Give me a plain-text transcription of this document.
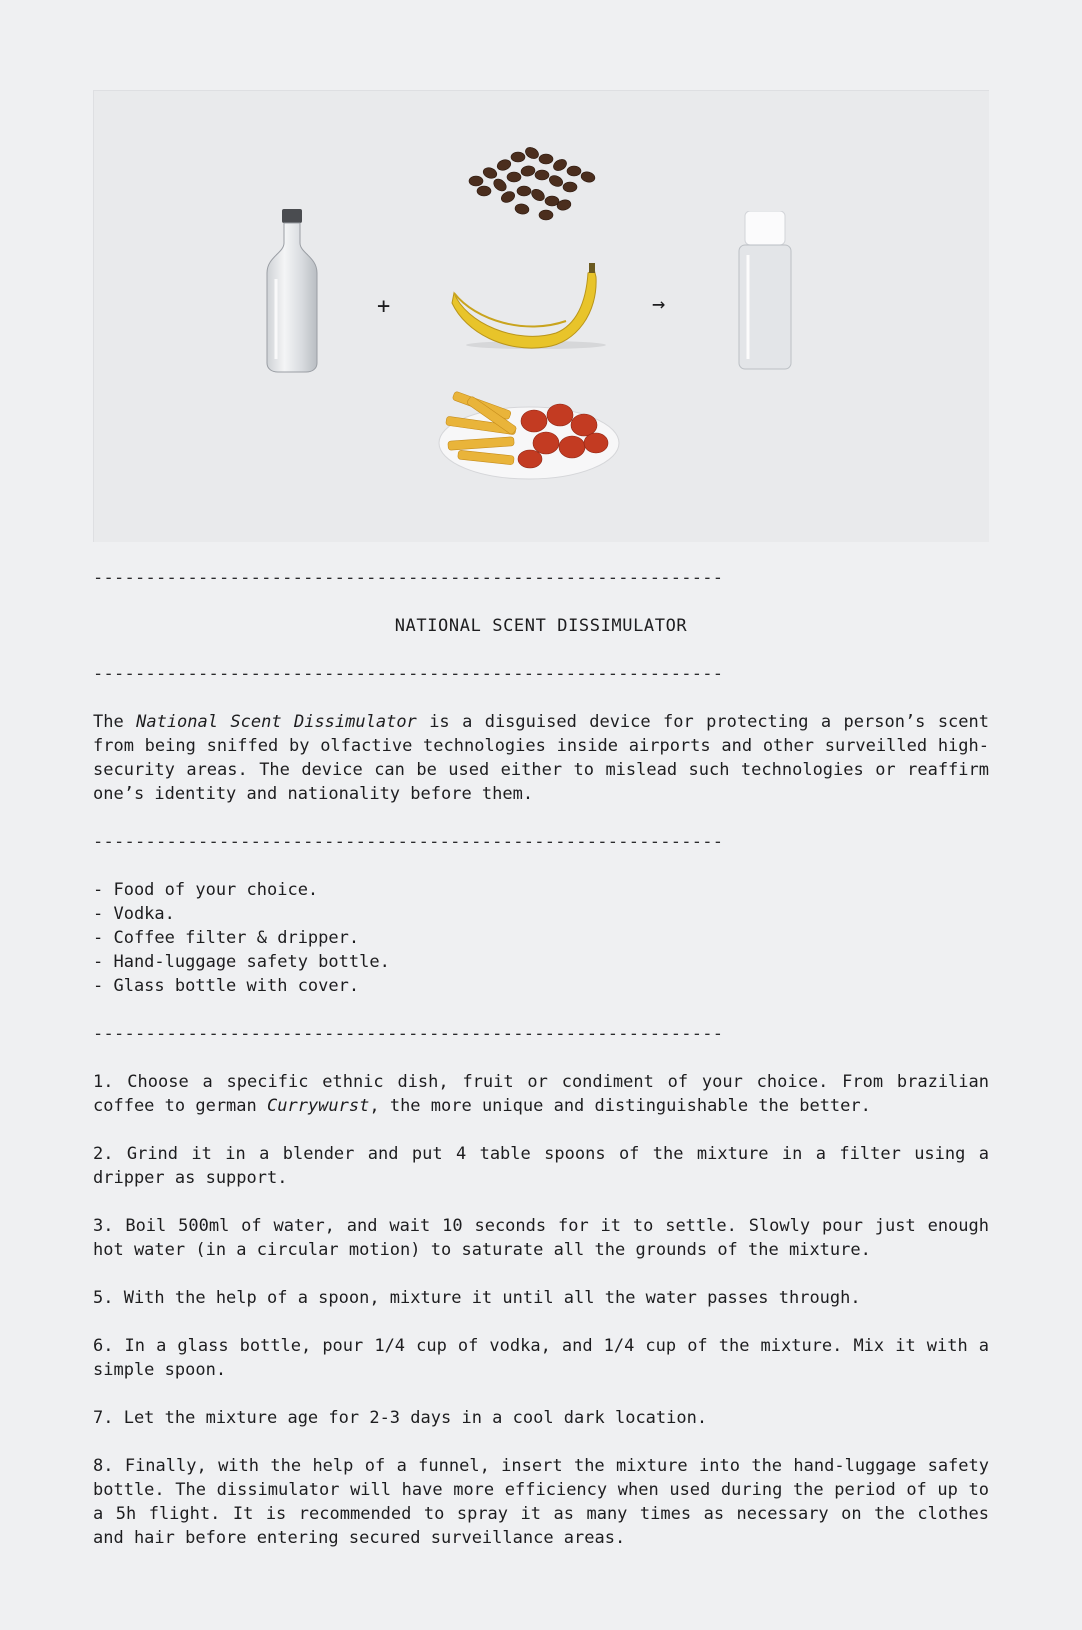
+	→
------------------------------------------------------------
NATIONAL SCENT DISSIMULATOR
------------------------------------------------------------

The National Scent Dissimulator is a disguised device for protecting a person’s scent from being sniffed by olfactive technologies inside airports and other surveilled high-security areas. The device can be used either to mislead such technologies or reaffirm one’s identity and nationality before them.

------------------------------------------------------------
- Food of your choice.
- Vodka.
- Coffee filter & dripper.
- Hand-luggage safety bottle.
- Glass bottle with cover.
------------------------------------------------------------
1. Choose a specific ethnic dish, fruit or condiment of your choice. From brazilian coffee to german Currywurst, the more unique and distinguishable the better.
2. Grind it in a blender and put 4 table spoons of the mixture in a filter using a dripper as support.
3. Boil 500ml of water, and wait 10 seconds for it to settle. Slowly pour just enough hot water (in a circular motion) to saturate all the grounds of the mixture.
5. With the help of a spoon, mixture it until all the water passes through.
6. In a glass bottle, pour 1/4 cup of vodka, and 1/4 cup of the mixture. Mix it with a simple spoon.
7. Let the mixture age for 2-3 days in a cool dark location.
8. Finally, with the help of a funnel, insert the mixture into the hand-luggage safety bottle. The dissimulator will have more efficiency when used during the period of up to a 5h flight. It is recommended to spray it as many times as necessary on the clothes and hair before entering secured surveillance areas.
